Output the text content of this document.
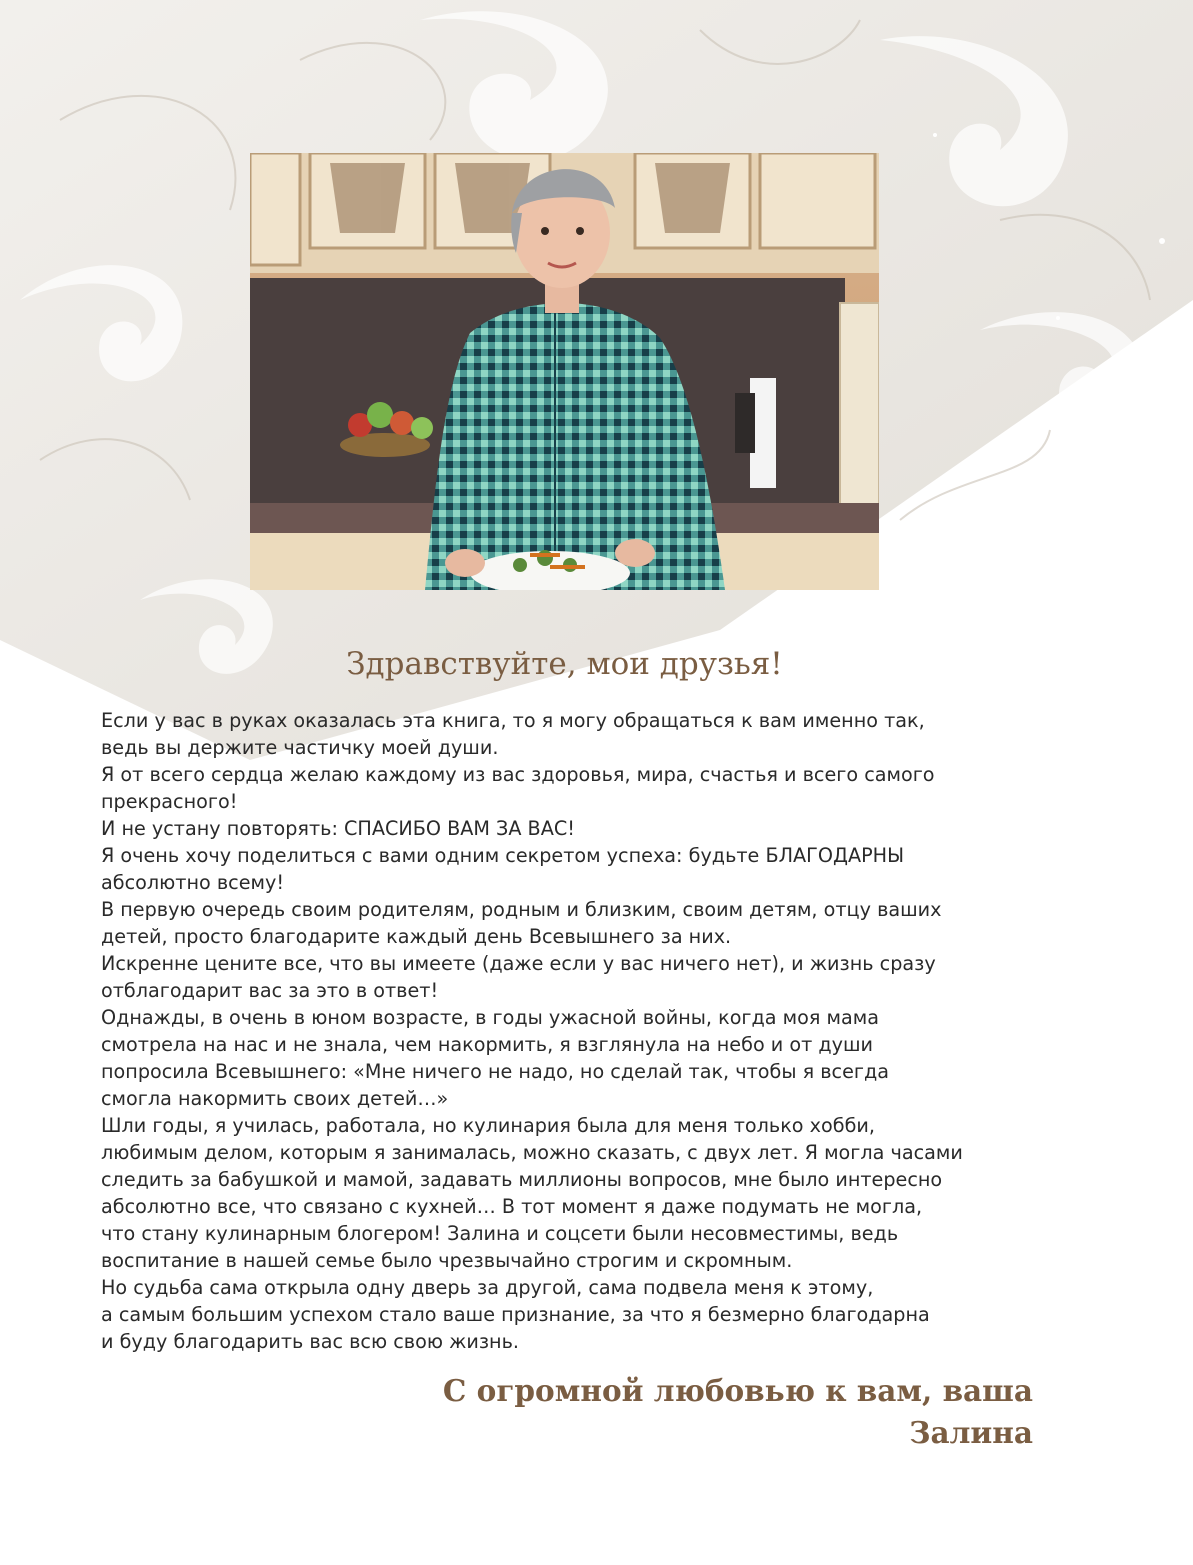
Здравствуйте, мои друзья!
Если у вас в руках оказалась эта книга, то я могу обращаться к вам именно так,
ведь вы держите частичку моей души.
Я от всего сердца желаю каждому из вас здоровья, мира, счастья и всего самого
прекрасного!
И не устану повторять: СПАСИБО ВАМ ЗА ВАС!
Я очень хочу поделиться с вами одним секретом успеха: будьте БЛАГОДАРНЫ
абсолютно всему!
В первую очередь своим родителям, родным и близким, своим детям, отцу ваших
детей, просто благодарите каждый день Всевышнего за них.
Искренне цените все, что вы имеете (даже если у вас ничего нет), и жизнь сразу
отблагодарит вас за это в ответ!
Однажды, в очень в юном возрасте, в годы ужасной войны, когда моя мама
смотрела на нас и не знала, чем накормить, я взглянула на небо и от души
попросила Всевышнего: «Мне ничего не надо, но сделай так, чтобы я всегда
смогла накормить своих детей…»
Шли годы, я училась, работала, но кулинария была для меня только хобби,
любимым делом, которым я занималась, можно сказать, с двух лет. Я могла часами
следить за бабушкой и мамой, задавать миллионы вопросов, мне было интересно
абсолютно все, что связано с кухней… В тот момент я даже подумать не могла,
что стану кулинарным блогером! Залина и соцсети были несовместимы, ведь
воспитание в нашей семье было чрезвычайно строгим и скромным.
Но судьба сама открыла одну дверь за другой, сама подвела меня к этому,
а самым большим успехом стало ваше признание, за что я безмерно благодарна
и буду благодарить вас всю свою жизнь.
С огромной любовью к вам, ваша
Залина
